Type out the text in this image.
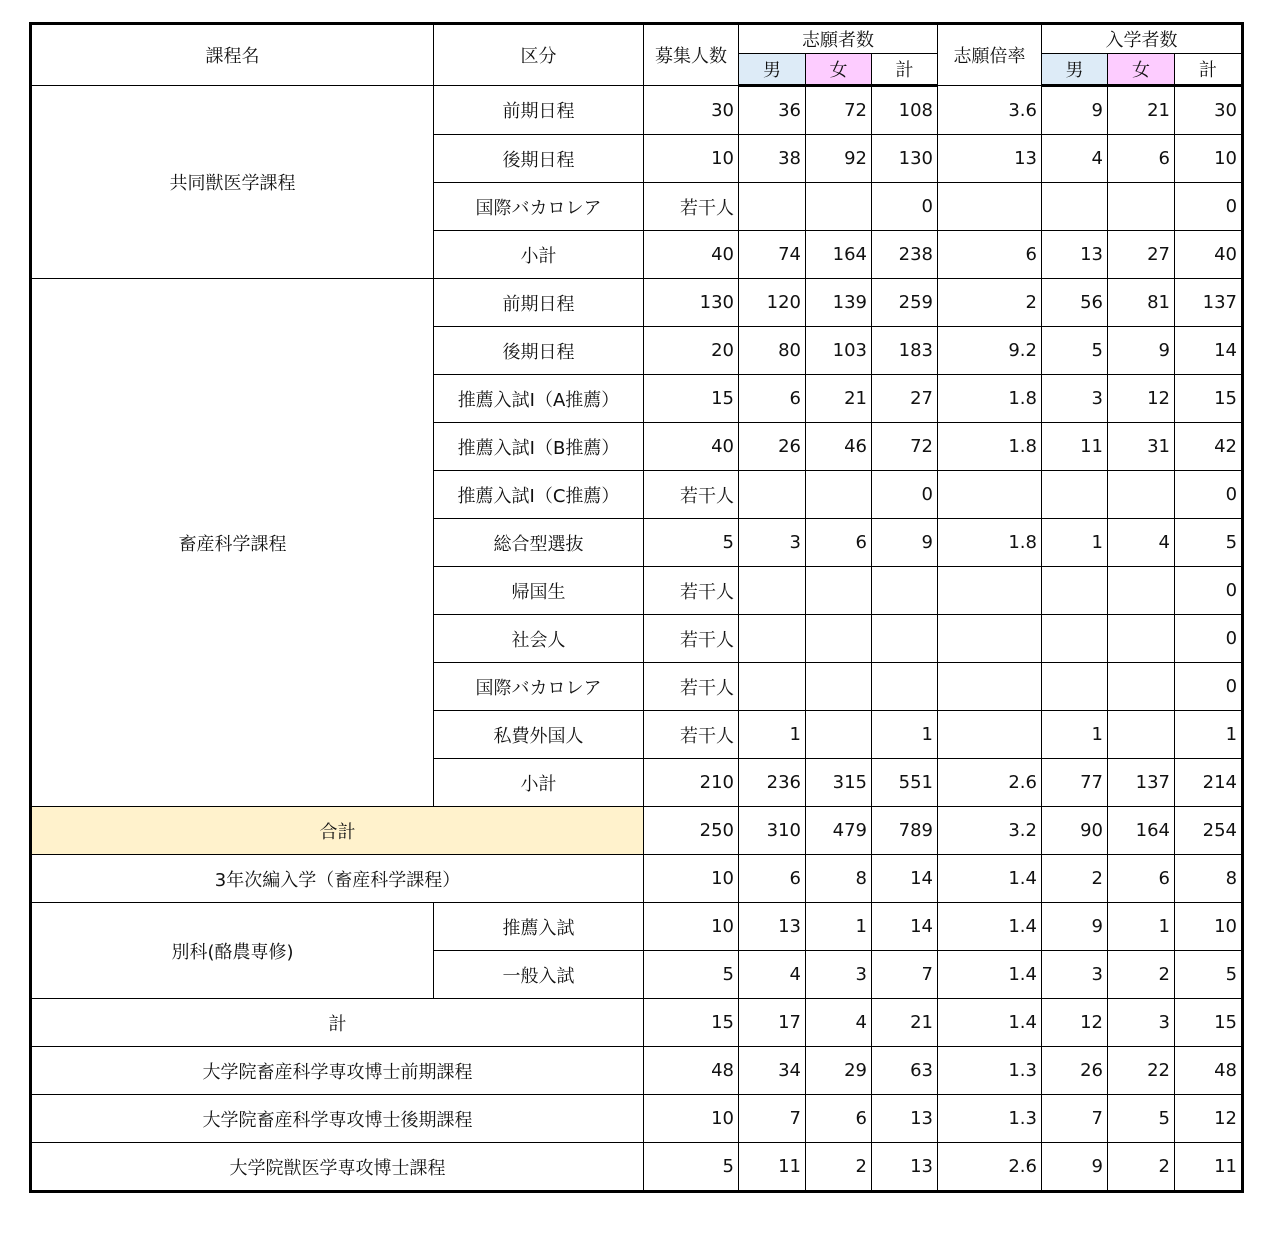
課程名	区分	募集人数	志願者数			志願倍率	入学者数		
			男	女	計		男	女	計
共同獣医学課程	前期日程	30	36	72	108	3.6	9	21	30
	後期日程	10	38	92	130	13	4	6	10
	国際バカロレア	若干人			0				0
	小計	40	74	164	238	6	13	27	40
畜産科学課程	前期日程	130	120	139	259	2	56	81	137
	後期日程	20	80	103	183	9.2	5	9	14
	推薦入試I（A推薦）	15	6	21	27	1.8	3	12	15
	推薦入試I（B推薦）	40	26	46	72	1.8	11	31	42
	推薦入試I（C推薦）	若干人			0				0
	総合型選抜	5	3	6	9	1.8	1	4	5
	帰国生	若干人							0
	社会人	若干人							0
	国際バカロレア	若干人							0
	私費外国人	若干人	1		1		1		1
	小計	210	236	315	551	2.6	77	137	214
合計		250	310	479	789	3.2	90	164	254
3年次編入学（畜産科学課程）		10	6	8	14	1.4	2	6	8
別科(酪農専修)	推薦入試	10	13	1	14	1.4	9	1	10
	一般入試	5	4	3	7	1.4	3	2	5
計		15	17	4	21	1.4	12	3	15
大学院畜産科学専攻博士前期課程		48	34	29	63	1.3	26	22	48
大学院畜産科学専攻博士後期課程		10	7	6	13	1.3	7	5	12
大学院獣医学専攻博士課程		5	11	2	13	2.6	9	2	11
